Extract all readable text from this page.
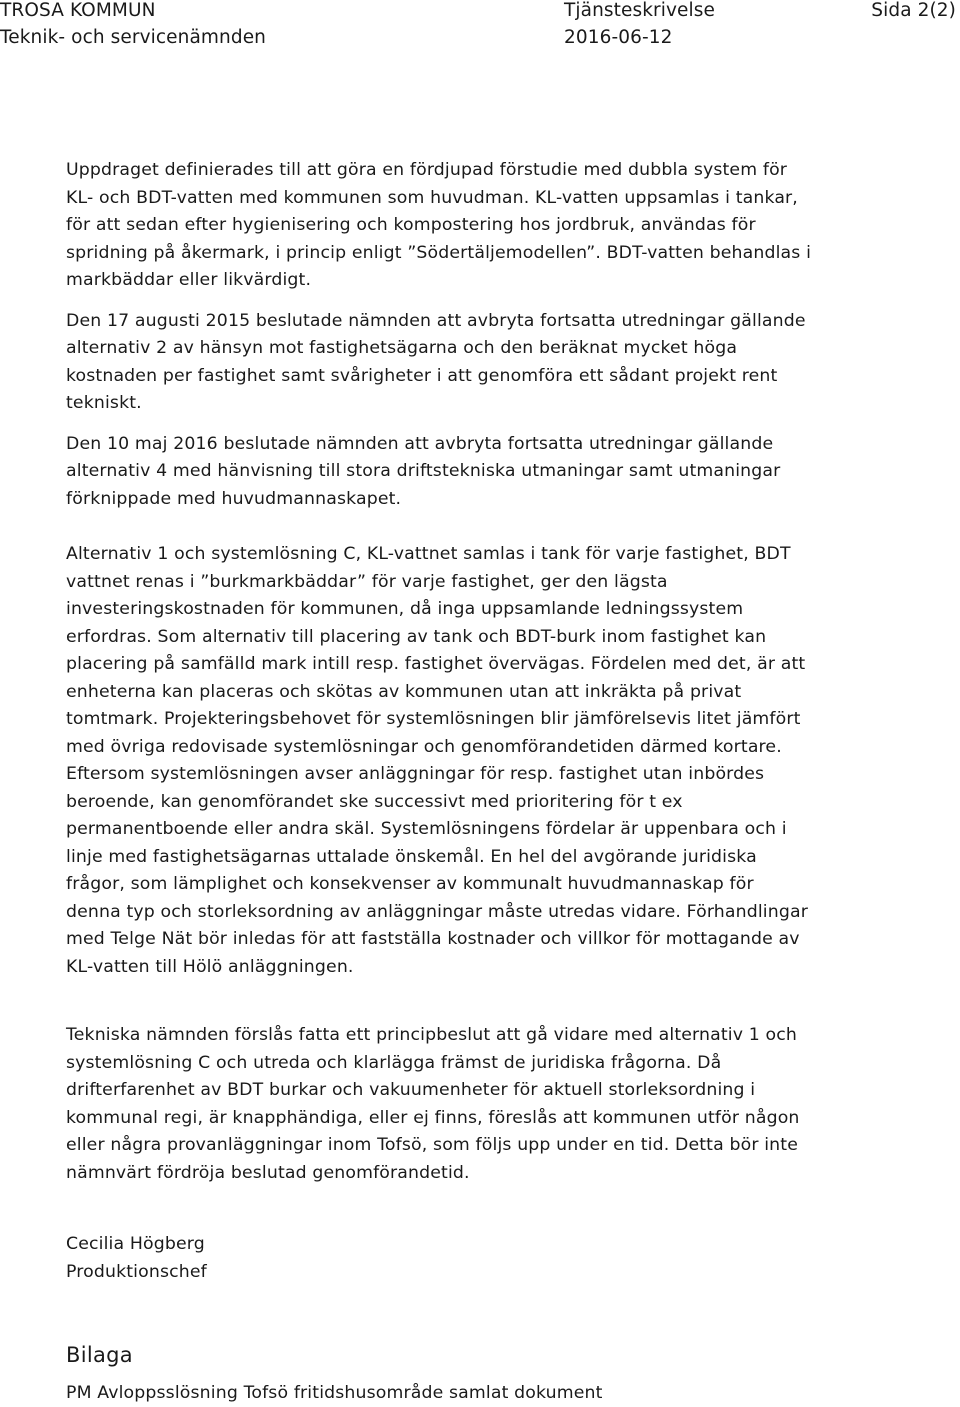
TROSA KOMMUN	Tjänsteskrivelse	Sida 2(2)
Teknik- och servicenämnden	2016-06-12

Uppdraget definierades till att göra en fördjupad förstudie med dubbla system för
KL- och BDT-vatten med kommunen som huvudman. KL-vatten uppsamlas i tankar,
för att sedan efter hygienisering och kompostering hos jordbruk, användas för
spridning på åkermark, i princip enligt ”Södertäljemodellen”. BDT-vatten behandlas i
markbäddar eller likvärdigt.

Den 17 augusti 2015 beslutade nämnden att avbryta fortsatta utredningar gällande
alternativ 2 av hänsyn mot fastighetsägarna och den beräknat mycket höga
kostnaden per fastighet samt svårigheter i att genomföra ett sådant projekt rent
tekniskt.

Den 10 maj 2016 beslutade nämnden att avbryta fortsatta utredningar gällande
alternativ 4 med hänvisning till stora driftstekniska utmaningar samt utmaningar
förknippade med huvudmannaskapet.

Alternativ 1 och systemlösning C, KL-vattnet samlas i tank för varje fastighet, BDT
vattnet renas i ”burkmarkbäddar” för varje fastighet, ger den lägsta
investeringskostnaden för kommunen, då inga uppsamlande ledningssystem
erfordras. Som alternativ till placering av tank och BDT-burk inom fastighet kan
placering på samfälld mark intill resp. fastighet övervägas. Fördelen med det, är att
enheterna kan placeras och skötas av kommunen utan att inkräkta på privat
tomtmark. Projekteringsbehovet för systemlösningen blir jämförelsevis litet jämfört
med övriga redovisade systemlösningar och genomförandetiden därmed kortare.
Eftersom systemlösningen avser anläggningar för resp. fastighet utan inbördes
beroende, kan genomförandet ske successivt med prioritering för t ex
permanentboende eller andra skäl. Systemlösningens fördelar är uppenbara och i
linje med fastighetsägarnas uttalade önskemål. En hel del avgörande juridiska
frågor, som lämplighet och konsekvenser av kommunalt huvudmannaskap för
denna typ och storleksordning av anläggningar måste utredas vidare. Förhandlingar
med Telge Nät bör inledas för att fastställa kostnader och villkor för mottagande av
KL-vatten till Hölö anläggningen.

Tekniska nämnden förslås fatta ett principbeslut att gå vidare med alternativ 1 och
systemlösning C och utreda och klarlägga främst de juridiska frågorna. Då
drifterfarenhet av BDT burkar och vakuumenheter för aktuell storleksordning i
kommunal regi, är knapphändiga, eller ej finns, föreslås att kommunen utför någon
eller några provanläggningar inom Tofsö, som följs upp under en tid. Detta bör inte
nämnvärt fördröja beslutad genomförandetid.

Cecilia Högberg
Produktionschef
Bilaga
PM Avloppsslösning Tofsö fritidshusområde samlat dokument
